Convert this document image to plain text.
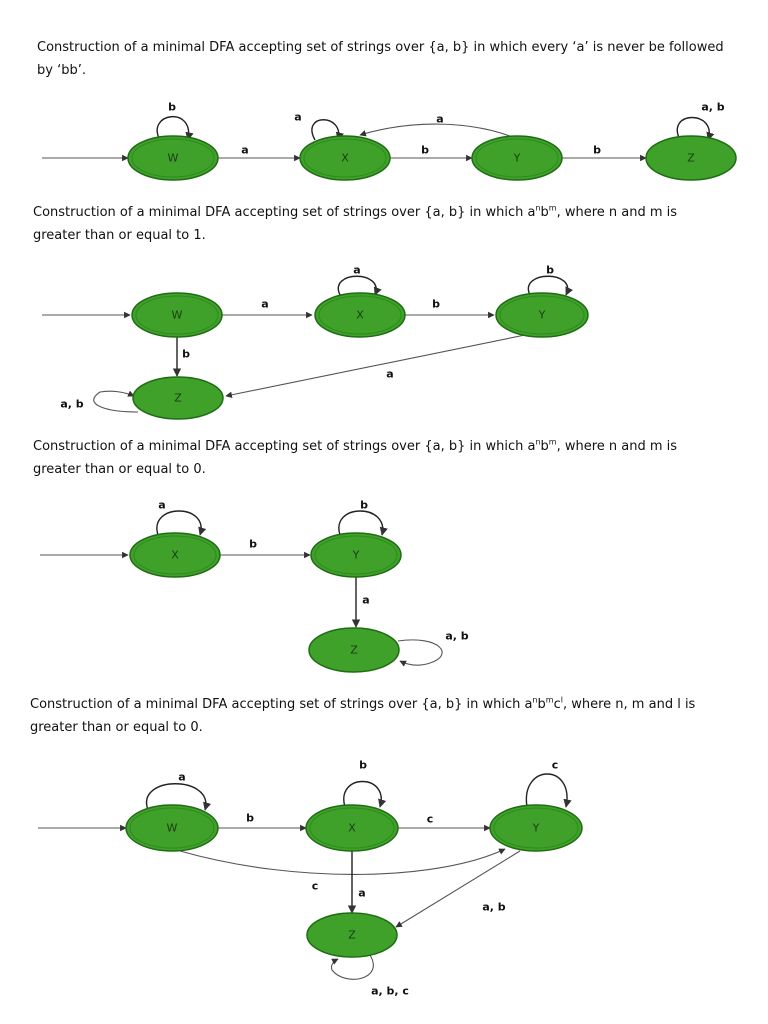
Construction of a minimal DFA accepting set of strings over {a, b} in which every ‘a’ is never be followed
by ‘bb’.
b
a
a	a
b	b
a, b
W	X	Y	Z
Construction of a minimal DFA accepting set of strings over {a, b} in which $a^nb^m$, where n and m is
greater than or equal to 1.
a
a
b
b
b
a
a, b
W	X	Y
Z
Construction of a minimal DFA accepting set of strings over {a, b} in which $a^nb^m$, where n and m is
greater than or equal to 0.
a
b
b
a
a, b
X	Y
Z
Construction of a minimal DFA accepting set of strings over {a, b} in which $a^nb^mc^l$, where n, m and l is
greater than or equal to 0.
a
b
b
c
c
c
a
a, b
a, b, c
W	X	Y
Z
